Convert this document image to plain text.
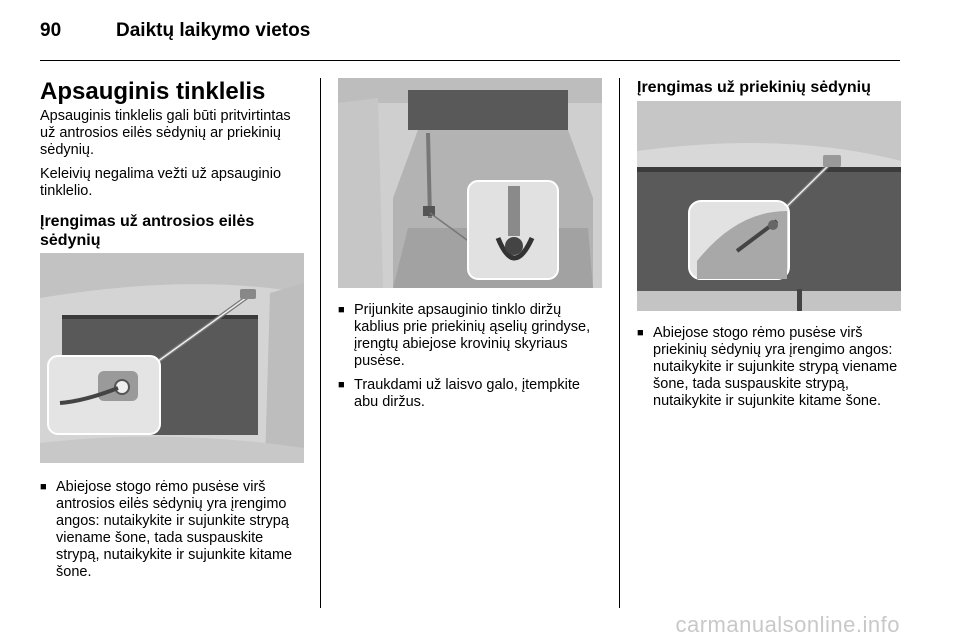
90	Daiktų laikymo vietos
Apsauginis tinklelis

Apsauginis tinklelis gali būti pritvirtintas už antrosios eilės sėdynių ar priekinių sėdynių.

Keleivių negalima vežti už apsauginio tinklelio.

Įrengimas už antrosios eilės sėdynių
■ Abiejose stogo rėmo pusėse virš antrosios eilės sėdynių yra įrengimo angos: nutaikykite ir sujunkite strypą viename šone, tada suspauskite strypą, nutaikykite ir sujunkite kitame šone.
■ Prijunkite apsauginio tinklo diržų kablius prie priekinių ąselių grindyse, įrengtų abiejose krovinių skyriaus pusėse.
■ Traukdami už laisvo galo, įtempkite abu diržus.
Įrengimas už priekinių sėdynių
■ Abiejose stogo rėmo pusėse virš priekinių sėdynių yra įrengimo angos: nutaikykite ir sujunkite strypą viename šone, tada suspauskite strypą, nutaikykite ir sujunkite kitame šone.
carmanualsonline.info
